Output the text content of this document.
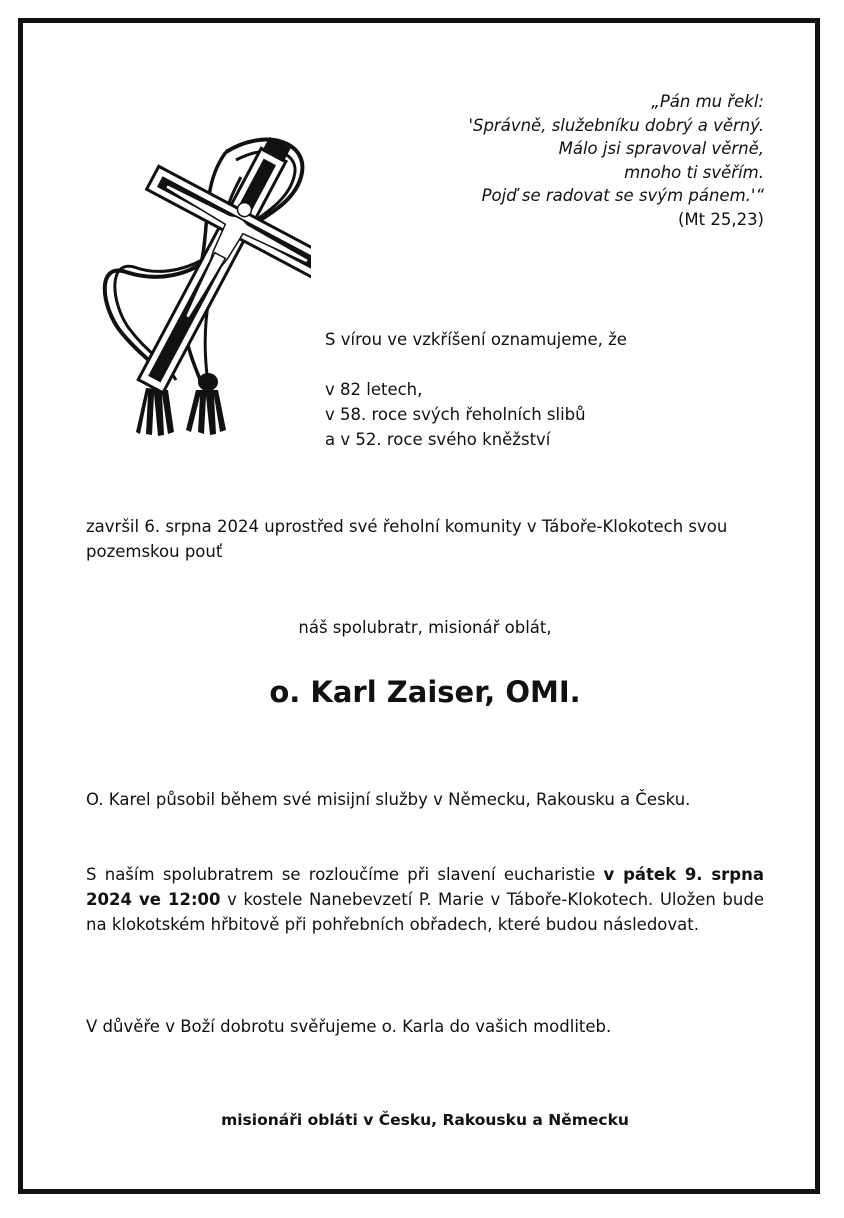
„Pán mu řekl:
'Správně, služebníku dobrý a věrný.
Málo jsi spravoval věrně,
mnoho ti svěřím.
Pojď se radovat se svým pánem.'“
(Mt 25,23)
S vírou ve vzkříšení oznamujeme, že
v 82 letech,
v 58. roce svých řeholních slibů
a v 52. roce svého kněžství
završil 6. srpna 2024 uprostřed své řeholní komunity v Táboře-Klokotech svou pozemskou pouť
náš spolubratr, misionář oblát,
o. Karl Zaiser, OMI.
O. Karel působil během své misijní služby v Německu, Rakousku a Česku.
S naším spolubratrem se rozloučíme při slavení eucharistie v pátek 9. srpna 2024 ve 12:00 v kostele Nanebevzetí P. Marie v Táboře-Klokotech. Uložen bude na klokotském hřbitově při pohřebních obřadech, které budou následovat.
V důvěře v Boží dobrotu svěřujeme o. Karla do vašich modliteb.
misionáři obláti v Česku, Rakousku a Německu
